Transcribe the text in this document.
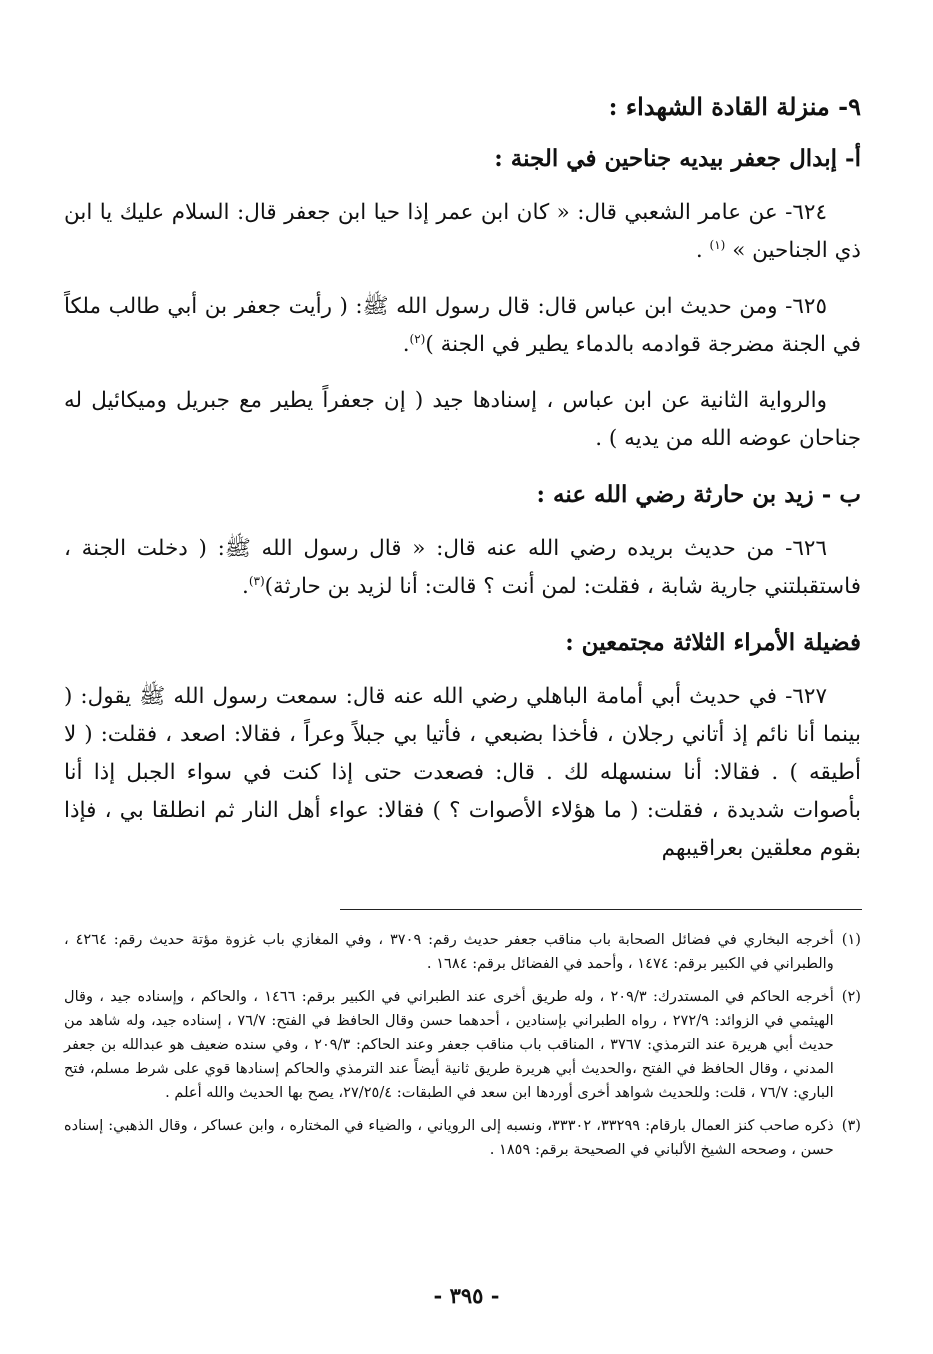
٩- منزلة القادة الشهداء :
أ- إبدال جعفر بيديه جناحين في الجنة :

٦٢٤- عن عامر الشعبي قال: « كان ابن عمر إذا حيا ابن جعفر قال: السلام عليك يا ابن ذي الجناحين » $^{(١)}$ .

٦٢٥- ومن حديث ابن عباس قال: قال رسول الله ﷺ: ( رأيت جعفر بن أبي طالب ملكاً في الجنة مضرجة قوادمه بالدماء يطير في الجنة )$^{(٢)}$.

والرواية الثانية عن ابن عباس ، إسنادها جيد ( إن جعفراً يطير مع جبريل وميكائيل له جناحان عوضه الله من يديه ) .

ب - زيد بن حارثة رضي الله عنه :

٦٢٦- من حديث بريده رضي الله عنه قال: « قال رسول الله ﷺ: ( دخلت الجنة ، فاستقبلتني جارية شابة ، فقلت: لمن أنت ؟ قالت: أنا لزيد بن حارثة)$^{(٣)}$.

فضيلة الأمراء الثلاثة مجتمعين :

٦٢٧- في حديث أبي أمامة الباهلي رضي الله عنه قال: سمعت رسول الله ﷺ يقول: ( بينما أنا نائم إذ أتاني رجلان ، فأخذا بضبعي ، فأتيا بي جبلاً وعراً ، فقالا: اصعد ، فقلت: ( لا أطيقه ) . فقالا: أنا سنسهله لك . قال: فصعدت حتى إذا كنت في سواء الجبل إذا أنا بأصوات شديدة ، فقلت: ( ما هؤلاء الأصوات ؟ ) فقالا: عواء أهل النار ثم انطلقا بي ، فإذا بقوم معلقين بعراقيبهم

(١)
أخرجه البخاري في فضائل الصحابة باب مناقب جعفر حديث رقم: ٣٧٠٩ ، وفي المغازي باب غزوة مؤتة حديث رقم: ٤٢٦٤ ، والطبراني في الكبير برقم: ١٤٧٤ ، وأحمد في الفضائل برقم: ١٦٨٤ .
(٢)
أخرجه الحاكم في المستدرك: ٢٠٩/٣ ، وله طريق أخرى عند الطبراني في الكبير برقم: ١٤٦٦ ، والحاكم ، وإسناده جيد ، وقال الهيثمي في الزوائد: ٢٧٢/٩ ، رواه الطبراني بإسنادين ، أحدهما حسن وقال الحافظ في الفتح: ٧٦/٧ ، إسناده جيد، وله شاهد من حديث أبي هريرة عند الترمذي: ٣٧٦٧ ، المناقب باب مناقب جعفر وعند الحاكم: ٢٠٩/٣ ، وفي سنده ضعيف هو عبدالله بن جعفر المدني ، وقال الحافظ في الفتح ،والحديث أبي هريرة طريق ثانية أيضاً عند الترمذي والحاكم إسنادها قوي على شرط مسلم، فتح الباري: ٧٦/٧ ، قلت: وللحديث شواهد أخرى أوردها ابن سعد في الطبقات: ٢٧/٢٥/٤، يصح بها الحديث والله أعلم .
(٣)
ذكره صاحب كنز العمال بارقام: ٣٣٢٩٩، ٣٣٣٠٢، ونسبه إلى الروياني ، والضياء في المختاره ، وابن عساكر ، وقال الذهبي: إسناده حسن ، وصححه الشيخ الألباني في الصحيحة برقم: ١٨٥٩ .
- ٣٩٥ -
